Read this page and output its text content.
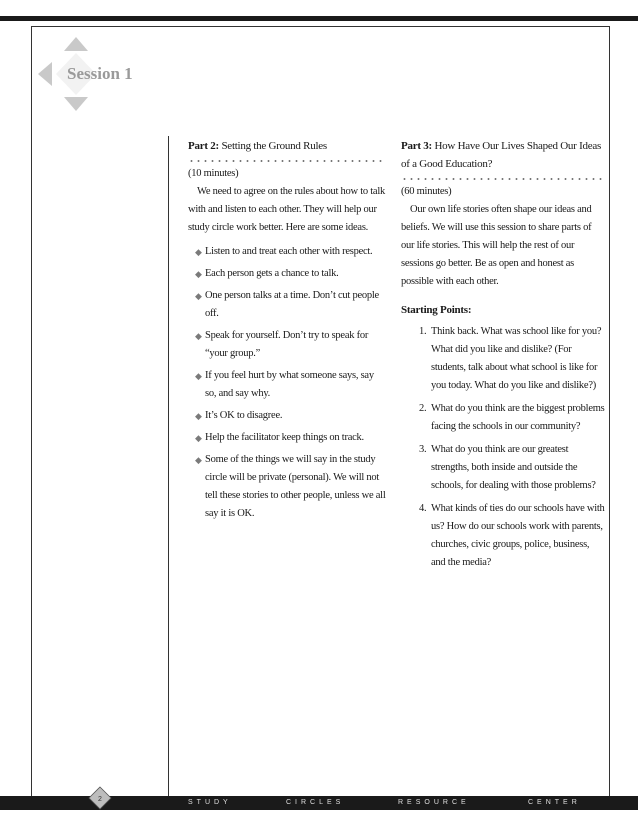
Session 1
Part 2: Setting the Ground Rules

(10 minutes)

We need to agree on the rules about how to talk with and listen to each other. They will help our study circle work better. Here are some ideas.

◆ Listen to and treat each other with respect.
◆ Each person gets a chance to talk.
◆ One person talks at a time. Don’t cut people off.
◆ Speak for yourself. Don’t try to speak for “your group.”
◆ If you feel hurt by what someone says, say so, and say why.
◆ It’s OK to disagree.
◆ Help the facilitator keep things on track.
◆ Some of the things we will say in the study circle will be private (personal). We will not tell these stories to other people, unless we all say it is OK.
Part 3: How Have Our Lives Shaped Our Ideas of a Good Education?

(60 minutes)

Our own life stories often shape our ideas and beliefs. We will use this session to share parts of our life stories. This will help the rest of our sessions go better. Be as open and honest as possible with each other.

Starting Points:
1. Think back. What was school like for you? What did you like and dislike? (For students, talk about what school is like for you today. What do you like and dislike?)
2. What do you think are the biggest problems facing the schools in our community?
3. What do you think are our greatest strengths, both inside and outside the schools, for dealing with those problems?
4. What kinds of ties do our schools have with us? How do our schools work with parents, churches, civic groups, police, business, and the media?
STUDY	CIRCLES	RESOURCE	CENTER
2
